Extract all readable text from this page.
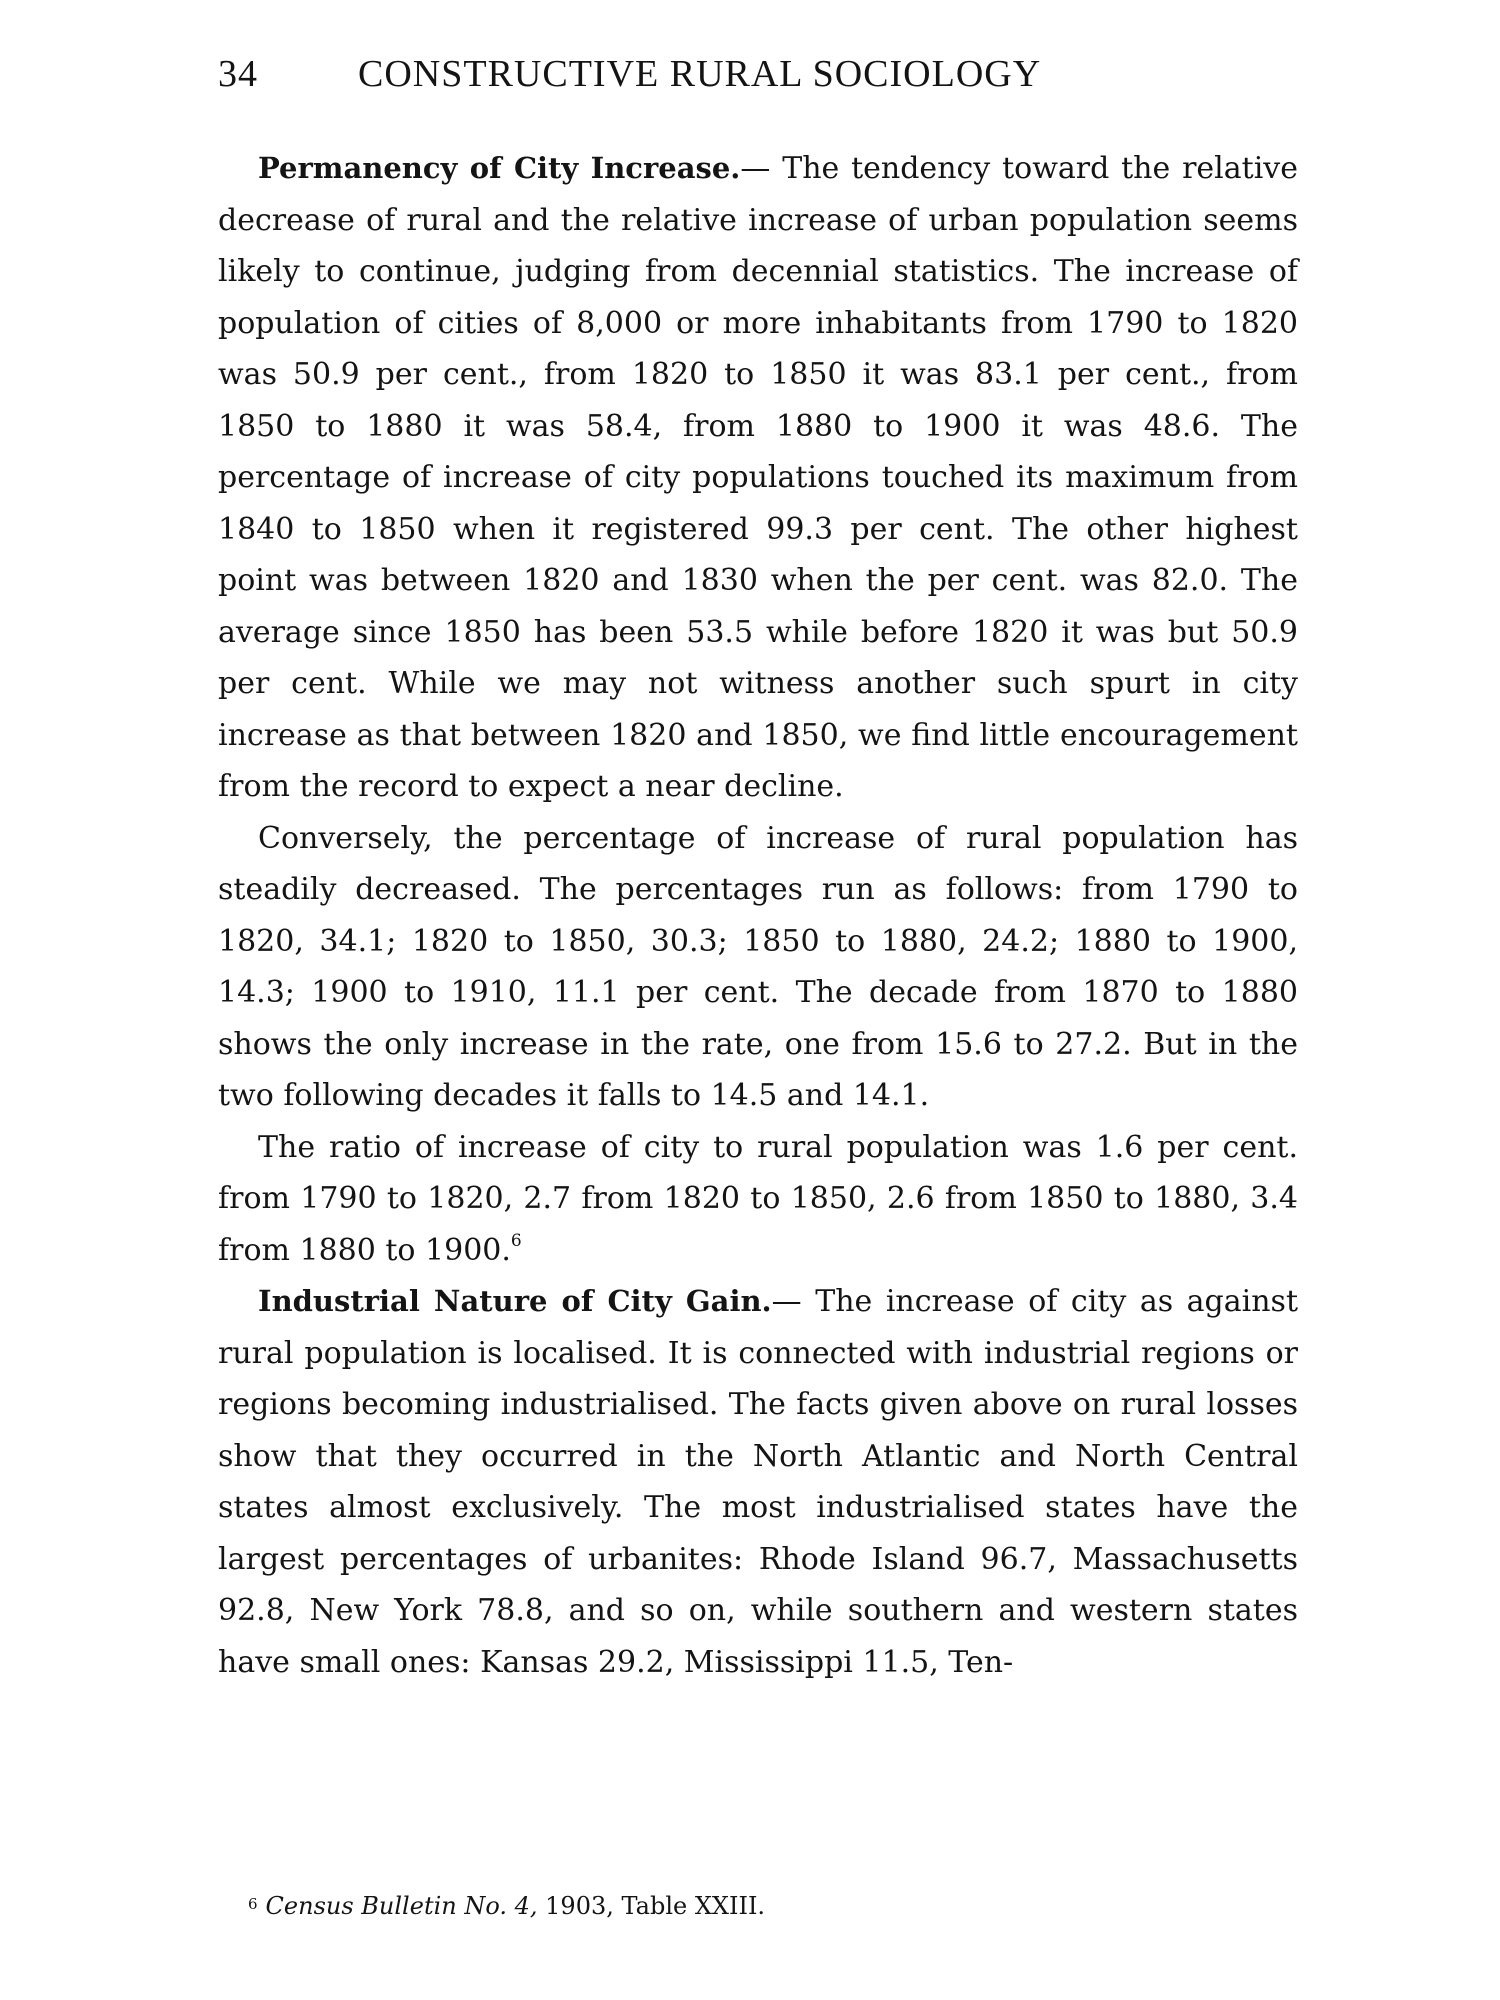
34	CONSTRUCTIVE RURAL SOCIOLOGY

Permanency of City Increase.— The tendency toward the relative decrease of rural and the relative increase of urban population seems likely to continue, judging from decennial statistics. The increase of population of cities of 8,000 or more inhabitants from 1790 to 1820 was 50.9 per cent., from 1820 to 1850 it was 83.1 per cent., from 1850 to 1880 it was 58.4, from 1880 to 1900 it was 48.6. The percentage of increase of city populations touched its maximum from 1840 to 1850 when it registered 99.3 per cent. The other highest point was between 1820 and 1830 when the per cent. was 82.0. The average since 1850 has been 53.5 while before 1820 it was but 50.9 per cent. While we may not witness another such spurt in city increase as that between 1820 and 1850, we find little encouragement from the record to expect a near decline.

Conversely, the percentage of increase of rural population has steadily decreased. The percentages run as follows: from 1790 to 1820, 34.1; 1820 to 1850, 30.3; 1850 to 1880, 24.2; 1880 to 1900, 14.3; 1900 to 1910, 11.1 per cent. The decade from 1870 to 1880 shows the only increase in the rate, one from 15.6 to 27.2. But in the two following decades it falls to 14.5 and 14.1.

The ratio of increase of city to rural population was 1.6 per cent. from 1790 to 1820, 2.7 from 1820 to 1850, 2.6 from 1850 to 1880, 3.4 from 1880 to 1900.$^6$

Industrial Nature of City Gain.— The increase of city as against rural population is localised. It is connected with industrial regions or regions becoming industrialised. The facts given above on rural losses show that they occurred in the North Atlantic and North Central states almost exclusively. The most industrialised states have the largest percentages of urbanites: Rhode Island 96.7, Massachusetts 92.8, New York 78.8, and so on, while southern and western states have small ones: Kansas 29.2, Mississippi 11.5, Ten-

$^6$ Census Bulletin No. 4, 1903, Table XXIII.
